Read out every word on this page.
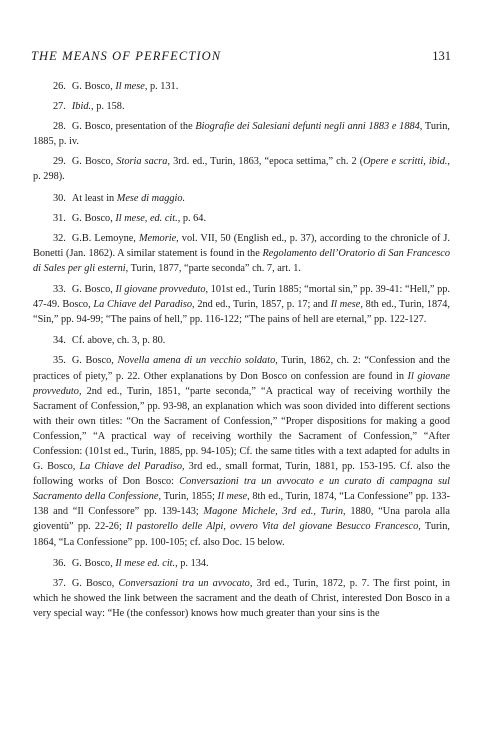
THE MEANS OF PERFECTION	131

26. G. Bosco, Il mese, p. 131.

27. Ibid., p. 158.

28. G. Bosco, presentation of the Biografie dei Salesiani defunti negli anni 1883 e 1884, Turin, 1885, p. iv.

29. G. Bosco, Storia sacra, 3rd. ed., Turin, 1863, “epoca settima,” ch. 2 (Opere e scritti, ibid., p. 298).

30. At least in Mese di maggio.

31. G. Bosco, Il mese, ed. cit., p. 64.

32. G.B. Lemoyne, Memorie, vol. VII, 50 (English ed., p. 37), according to the chronicle of J. Bonetti (Jan. 1862). A similar statement is found in the Regolamento dell’Oratorio di San Francesco di Sales per gli esterni, Turin, 1877, “parte seconda” ch. 7, art. 1.

33. G. Bosco, Il giovane provveduto, 101st ed., Turin 1885; “mortal sin,” pp. 39-41: “Hell,” pp. 47-49. Bosco, La Chiave del Paradiso, 2nd ed., Turin, 1857, p. 17; and Il mese, 8th ed., Turin, 1874, “Sin,” pp. 94-99; “The pains of hell,” pp. 116-122; “The pains of hell are eternal,” pp. 122-127.

34. Cf. above, ch. 3, p. 80.

35. G. Bosco, Novella amena di un vecchio soldato, Turin, 1862, ch. 2: “Confession and the practices of piety,” p. 22. Other explanations by Don Bosco on confession are found in Il giovane provveduto, 2nd ed., Turin, 1851, “parte seconda,” “A practical way of receiving worthily the Sacrament of Confession,” pp. 93-98, an explanation which was soon divided into different sections with their own titles: “On the Sacrament of Confession,” “Proper dispositions for making a good Confession,” “A practical way of receiving worthily the Sacrament of Confession,” “After Confession: (101st ed., Turin, 1885, pp. 94-105); Cf. the same titles with a text adapted for adults in G. Bosco, La Chiave del Paradiso, 3rd ed., small format, Turin, 1881, pp. 153-195. Cf. also the following works of Don Bosco: Conversazioni tra un avvocato e un curato di campagna sul Sacramento della Confessione, Turin, 1855; Il mese, 8th ed., Turin, 1874, “La Confessione” pp. 133-138 and “Il Confessore” pp. 139-143; Magone Michele, 3rd ed., Turin, 1880, “Una parola alla gioventù” pp. 22-26; Il pastorello delle Alpi, ovvero Vita del giovane Besucco Francesco, Turin, 1864, “La Confessione” pp. 100-105; cf. also Doc. 15 below.

36. G. Bosco, Il mese ed. cit., p. 134.

37. G. Bosco, Conversazioni tra un avvocato, 3rd ed., Turin, 1872, p. 7. The first point, in which he showed the link between the sacrament and the death of Christ, interested Don Bosco in a very special way: “He (the confessor) knows how much greater than your sins is the
